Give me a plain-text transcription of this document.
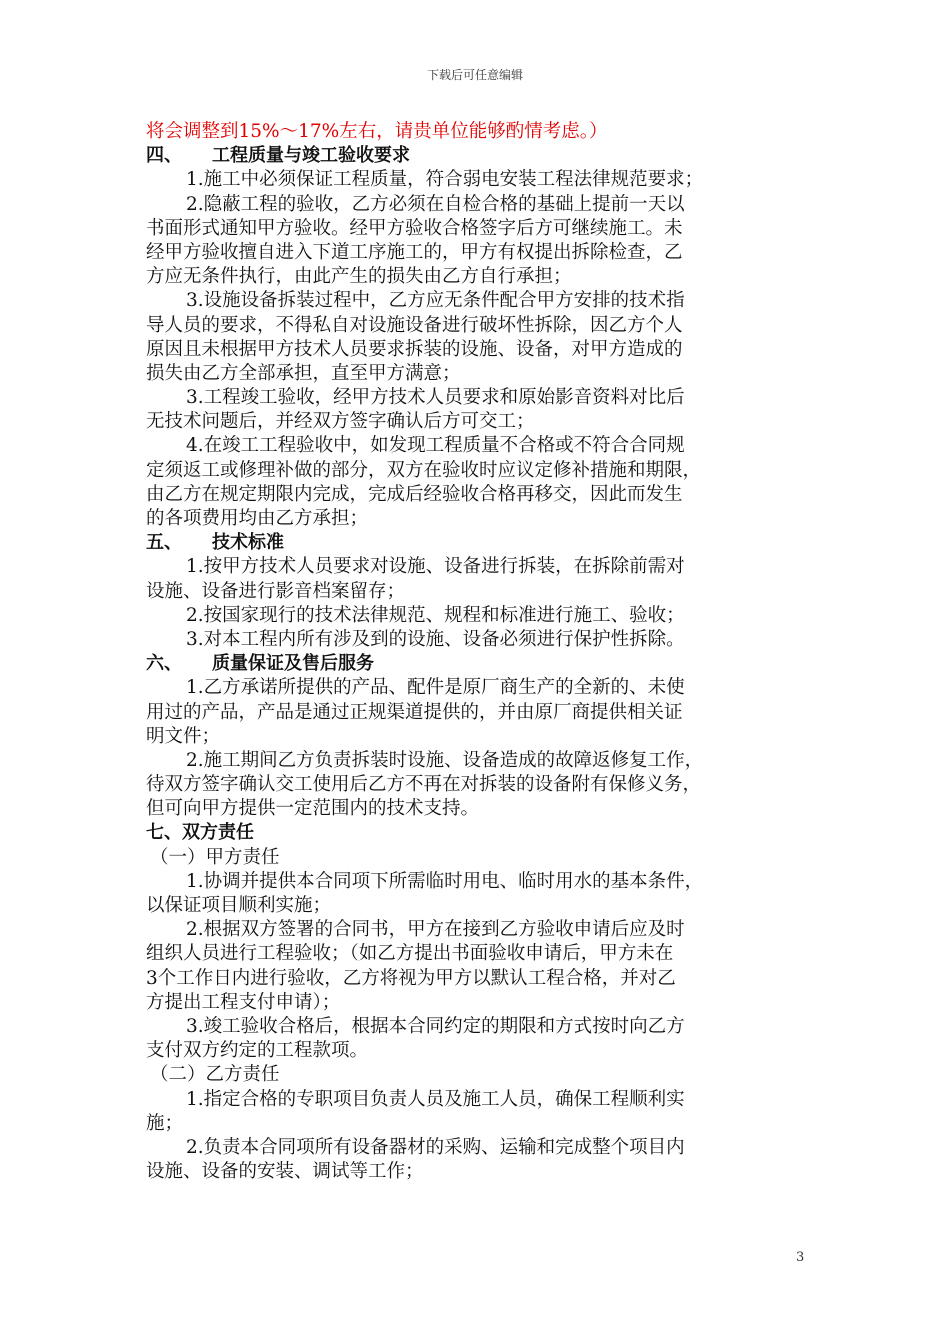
下载后可任意编辑
将会调整到15%～17%左右，请贵单位能够酌情考虑。）
四、 工程质量与竣工验收要求
1.施工中必须保证工程质量，符合弱电安装工程法律规范要求；
2.隐蔽工程的验收，乙方必须在自检合格的基础上提前一天以
书面形式通知甲方验收。经甲方验收合格签字后方可继续施工。未
经甲方验收擅自进入下道工序施工的，甲方有权提出拆除检查，乙
方应无条件执行，由此产生的损失由乙方自行承担；
3.设施设备拆装过程中，乙方应无条件配合甲方安排的技术指
导人员的要求，不得私自对设施设备进行破坏性拆除，因乙方个人
原因且未根据甲方技术人员要求拆装的设施、设备，对甲方造成的
损失由乙方全部承担，直至甲方满意；
3.工程竣工验收，经甲方技术人员要求和原始影音资料对比后
无技术问题后，并经双方签字确认后方可交工；
4.在竣工工程验收中，如发现工程质量不合格或不符合合同规
定须返工或修理补做的部分，双方在验收时应议定修补措施和期限，
由乙方在规定期限内完成，完成后经验收合格再移交，因此而发生
的各项费用均由乙方承担；
五、 技术标准
1.按甲方技术人员要求对设施、设备进行拆装，在拆除前需对
设施、设备进行影音档案留存；
2.按国家现行的技术法律规范、规程和标准进行施工、验收；
3.对本工程内所有涉及到的设施、设备必须进行保护性拆除。
六、 质量保证及售后服务
1.乙方承诺所提供的产品、配件是原厂商生产的全新的、未使
用过的产品，产品是通过正规渠道提供的，并由原厂商提供相关证
明文件；
2.施工期间乙方负责拆装时设施、设备造成的故障返修复工作，
待双方签字确认交工使用后乙方不再在对拆装的设备附有保修义务，
但可向甲方提供一定范围内的技术支持。
七、双方责任
（一）甲方责任
1.协调并提供本合同项下所需临时用电、临时用水的基本条件，
以保证项目顺利实施；
2.根据双方签署的合同书，甲方在接到乙方验收申请后应及时
组织人员进行工程验收；（如乙方提出书面验收申请后，甲方未在
3个工作日内进行验收，乙方将视为甲方以默认工程合格，并对乙
方提出工程支付申请）；
3.竣工验收合格后，根据本合同约定的期限和方式按时向乙方
支付双方约定的工程款项。
（二）乙方责任
1.指定合格的专职项目负责人员及施工人员，确保工程顺利实
施；
2.负责本合同项所有设备器材的采购、运输和完成整个项目内
设施、设备的安装、调试等工作；
3
